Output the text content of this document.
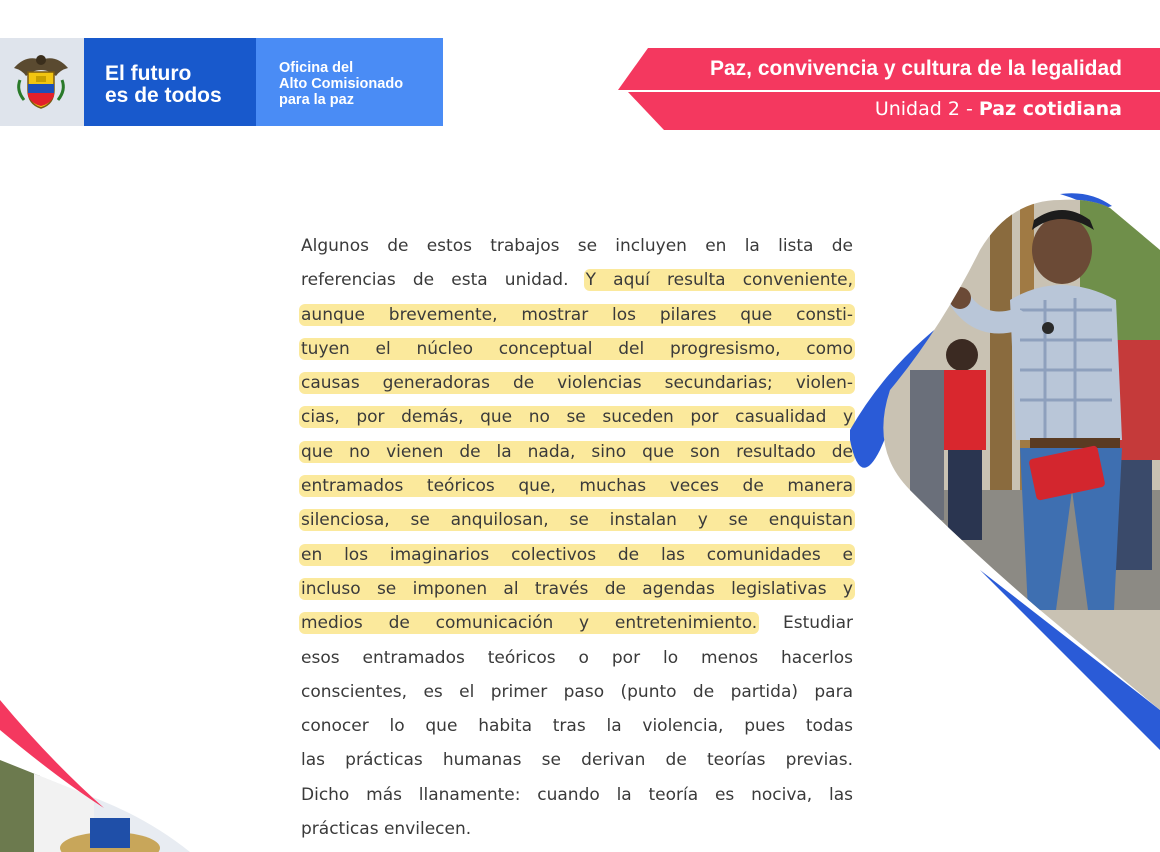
El futuro
es de todos
Oficina del
Alto Comisionado
para la paz
Paz, convivencia y cultura de la legalidad
Unidad 2 - Paz cotidiana
Algunos de estos trabajos se incluyen en la lista de
referencias de esta unidad. Y aquí resulta conveniente,
aunque brevemente, mostrar los pilares que consti-
tuyen el núcleo conceptual del progresismo, como
causas generadoras de violencias secundarias; violen-
cias, por demás, que no se suceden por casualidad y
que no vienen de la nada, sino que son resultado de
entramados teóricos que, muchas veces de manera
silenciosa, se anquilosan, se instalan y se enquistan
en los imaginarios colectivos de las comunidades e
incluso se imponen al través de agendas legislativas y
medios de comunicación y entretenimiento. Estudiar
esos entramados teóricos o por lo menos hacerlos
conscientes, es el primer paso (punto de partida) para
conocer lo que habita tras la violencia, pues todas
las prácticas humanas se derivan de teorías previas.
Dicho más llanamente: cuando la teoría es nociva, las
prácticas envilecen.
